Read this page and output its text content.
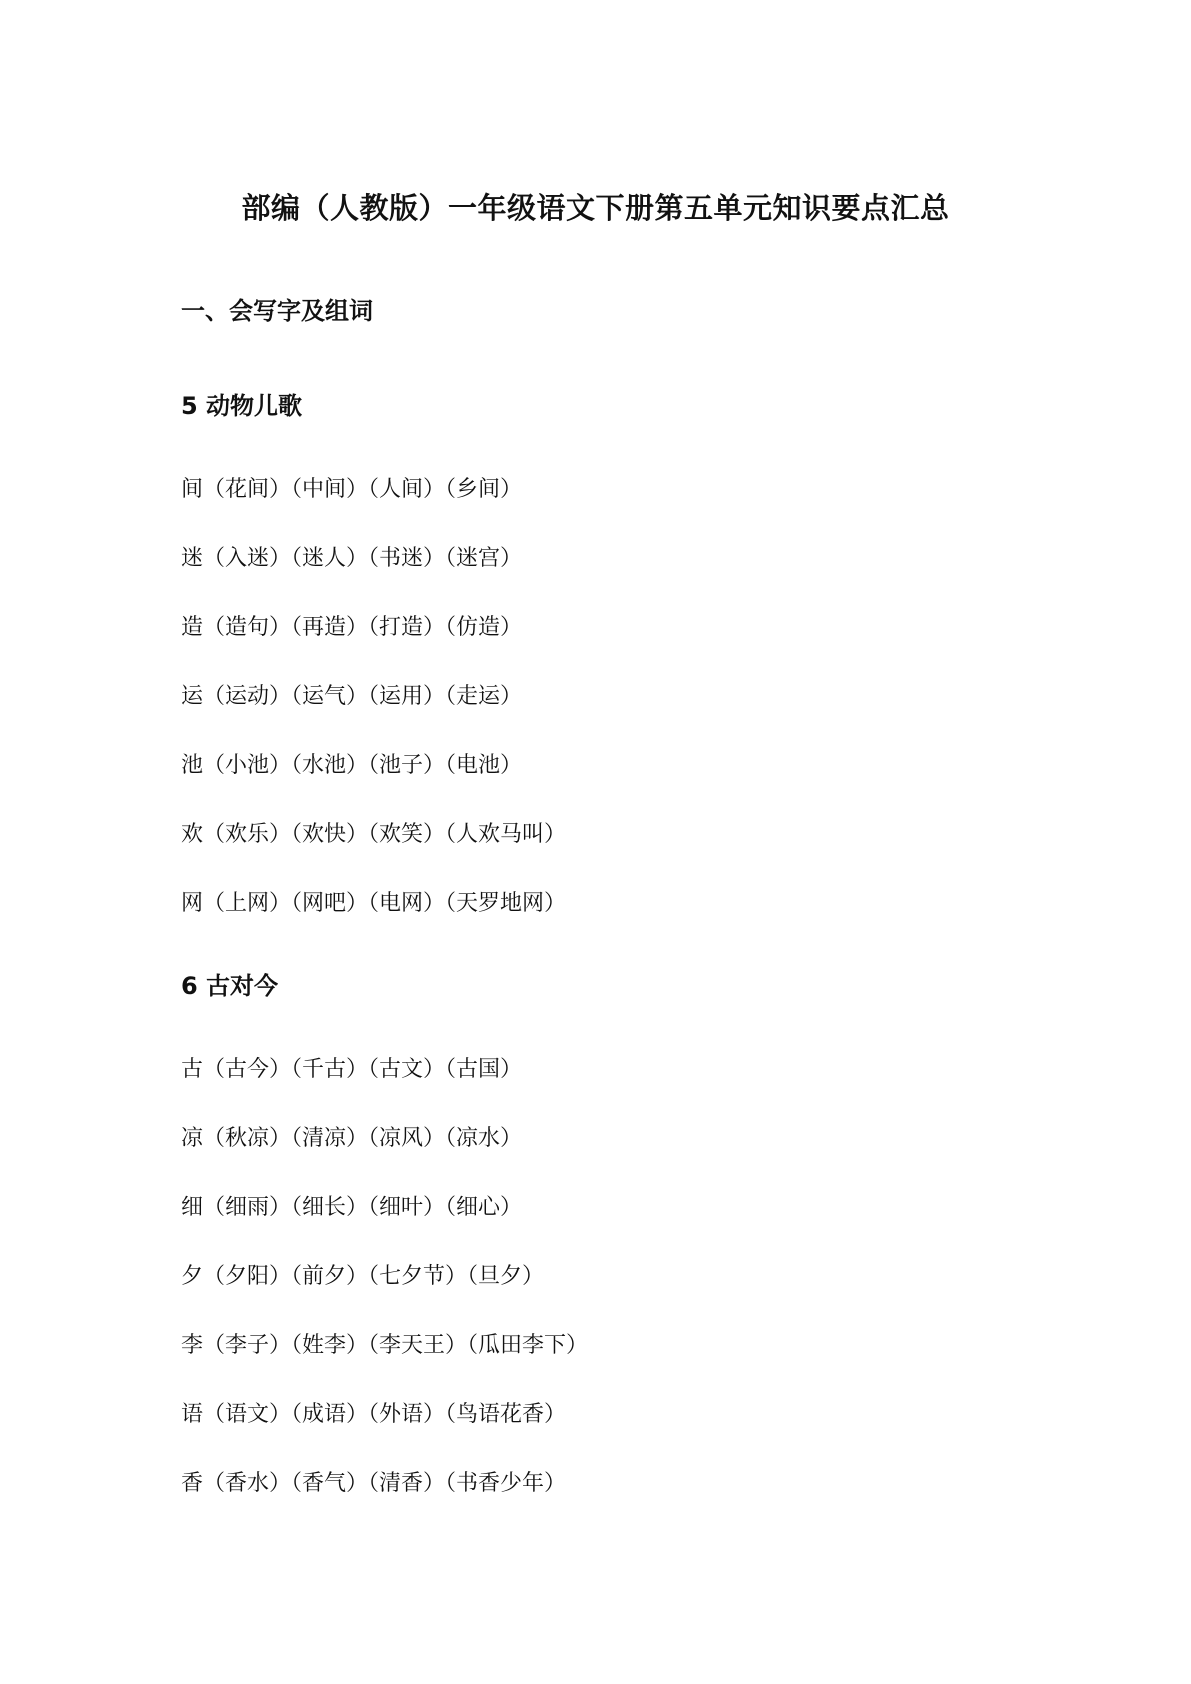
部编（人教版）一年级语文下册第五单元知识要点汇总
一、会写字及组词
5 动物儿歌
间（花间）（中间）（人间）（乡间）
迷（入迷）（迷人）（书迷）（迷宫）
造（造句）（再造）（打造）（仿造）
运（运动）（运气）（运用）（走运）
池（小池）（水池）（池子）（电池）
欢（欢乐）（欢快）（欢笑）（人欢马叫）
网（上网）（网吧）（电网）（天罗地网）
6 古对今
古（古今）（千古）（古文）（古国）
凉（秋凉）（清凉）（凉风）（凉水）
细（细雨）（细长）（细叶）（细心）
夕（夕阳）（前夕）（七夕节）（旦夕）
李（李子）（姓李）（李天王）（瓜田李下）
语（语文）（成语）（外语）（鸟语花香）
香（香水）（香气）（清香）（书香少年）
